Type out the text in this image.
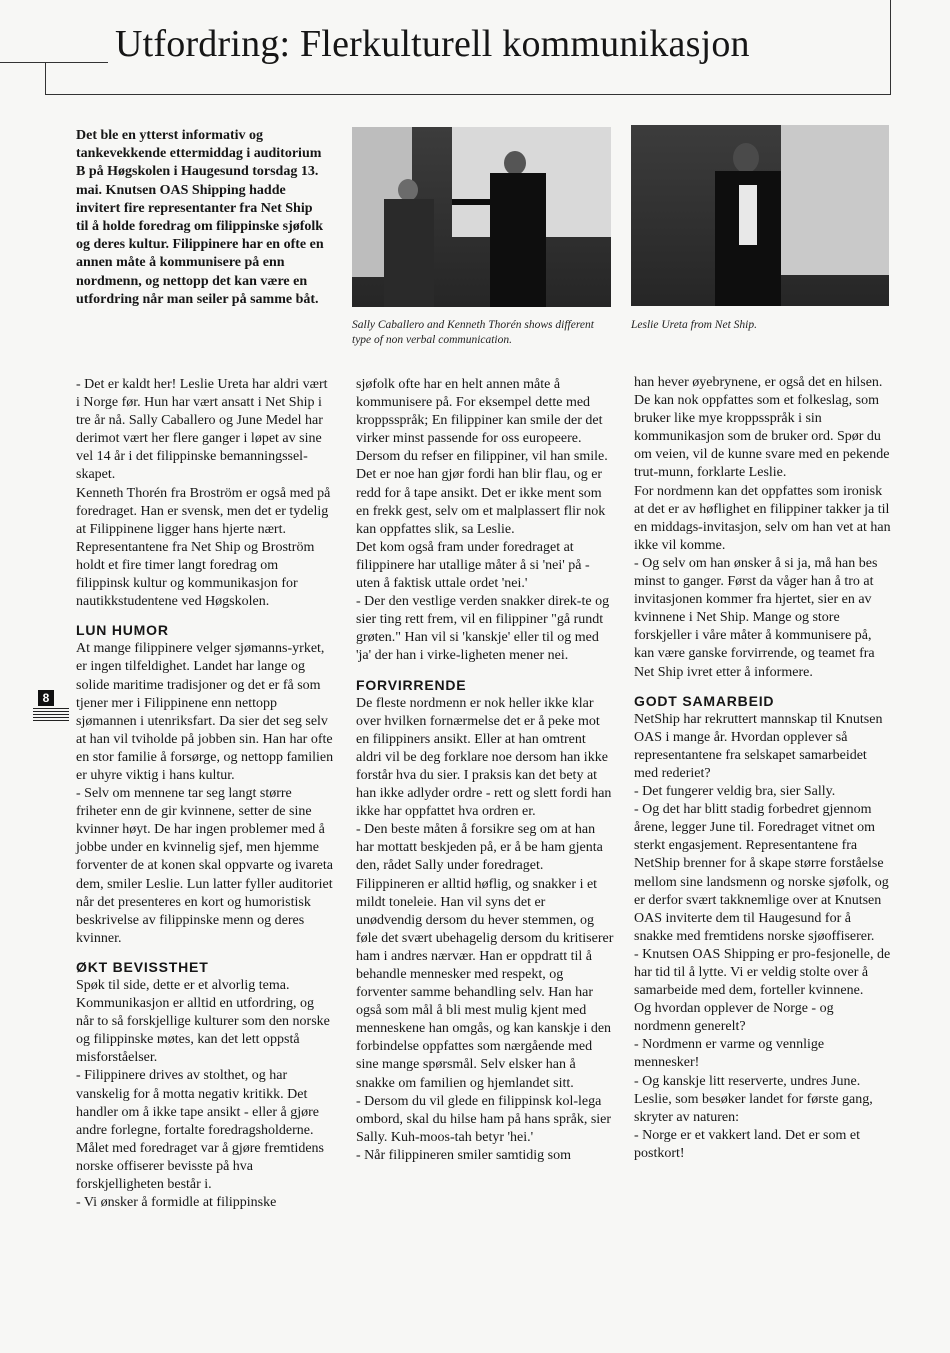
Utfordring: Flerkulturell kommunikasjon

Det ble en ytterst informativ og tankevekkende ettermiddag i auditorium B på Høgskolen i Haugesund torsdag 13. mai. Knutsen OAS Shipping hadde invitert fire representanter fra Net Ship til å holde foredrag om filippinske sjøfolk og deres kultur. Filippinere har en ofte en annen måte å kommunisere på enn nordmenn, og nettopp det kan være en utfordring når man seiler på samme båt.

Sally Caballero and Kenneth Thorén shows different type of non verbal communication.

Leslie Ureta from Net Ship.

8

- Det er kaldt her! Leslie Ureta har aldri vært i Norge før. Hun har vært ansatt i Net Ship i tre år nå. Sally Caballero og June Medel har derimot vært her flere ganger i løpet av sine vel 14 år i det filippinske bemanningssel-skapet.

Kenneth Thorén fra Broström er også med på foredraget. Han er svensk, men det er tydelig at Filippinene ligger hans hjerte nært. Representantene fra Net Ship og Broström holdt et fire timer langt foredrag om filippinsk kultur og kommunikasjon for nautikkstudentene ved Høgskolen.

LUN HUMOR

At mange filippinere velger sjømanns-yrket, er ingen tilfeldighet. Landet har lange og solide maritime tradisjoner og det er få som tjener mer i Filippinene enn nettopp sjømannen i utenriksfart. Da sier det seg selv at han vil tviholde på jobben sin. Han har ofte en stor familie å forsørge, og nettopp familien er uhyre viktig i hans kultur.

- Selv om mennene tar seg langt større friheter enn de gir kvinnene, setter de sine kvinner høyt. De har ingen problemer med å jobbe under en kvinnelig sjef, men hjemme forventer de at konen skal oppvarte og ivareta dem, smiler Leslie. Lun latter fyller auditoriet når det presenteres en kort og humoristisk beskrivelse av filippinske menn og deres kvinner.

ØKT BEVISSTHET

Spøk til side, dette er et alvorlig tema. Kommunikasjon er alltid en utfordring, og når to så forskjellige kulturer som den norske og filippinske møtes, kan det lett oppstå misforståelser.

- Filippinere drives av stolthet, og har vanskelig for å motta negativ kritikk. Det handler om å ikke tape ansikt - eller å gjøre andre forlegne, fortalte foredragsholderne.

Målet med foredraget var å gjøre fremtidens norske offiserer bevisste på hva forskjelligheten består i.

- Vi ønsker å formidle at filippinske

sjøfolk ofte har en helt annen måte å kommunisere på. For eksempel dette med kroppsspråk; En filippiner kan smile der det virker minst passende for oss europeere.

Dersom du refser en filippiner, vil han smile. Det er noe han gjør fordi han blir flau, og er redd for å tape ansikt. Det er ikke ment som en frekk gest, selv om et malplassert flir nok kan oppfattes slik, sa Leslie.

Det kom også fram under foredraget at filippinere har utallige måter å si 'nei' på - uten å faktisk uttale ordet 'nei.'

- Der den vestlige verden snakker direk-te og sier ting rett frem, vil en filippiner "gå rundt grøten." Han vil si 'kanskje' eller til og med 'ja' der han i virke-ligheten mener nei.

FORVIRRENDE

De fleste nordmenn er nok heller ikke klar over hvilken fornærmelse det er å peke mot en filippiners ansikt. Eller at han omtrent aldri vil be deg forklare noe dersom han ikke forstår hva du sier. I praksis kan det bety at han ikke adlyder ordre - rett og slett fordi han ikke har oppfattet hva ordren er.

- Den beste måten å forsikre seg om at han har mottatt beskjeden på, er å be ham gjenta den, rådet Sally under foredraget.

Filippineren er alltid høflig, og snakker i et mildt toneleie. Han vil syns det er unødvendig dersom du hever stemmen, og føle det svært ubehagelig dersom du kritiserer ham i andres nærvær. Han er oppdratt til å behandle mennesker med respekt, og forventer samme behandling selv. Han har også som mål å bli mest mulig kjent med menneskene han omgås, og kan kanskje i den forbindelse oppfattes som nærgående med sine mange spørsmål. Selv elsker han å snakke om familien og hjemlandet sitt.

- Dersom du vil glede en filippinsk kol-lega ombord, skal du hilse ham på hans språk, sier Sally. Kuh-moos-tah betyr 'hei.'

- Når filippineren smiler samtidig som

han hever øyebrynene, er også det en hilsen. De kan nok oppfattes som et folkeslag, som bruker like mye kroppsspråk i sin kommunikasjon som de bruker ord. Spør du om veien, vil de kunne svare med en pekende trut-munn, forklarte Leslie.

For nordmenn kan det oppfattes som ironisk at det er av høflighet en filippiner takker ja til en middags-invitasjon, selv om han vet at han ikke vil komme.

- Og selv om han ønsker å si ja, må han bes minst to ganger. Først da våger han å tro at invitasjonen kommer fra hjertet, sier en av kvinnene i Net Ship. Mange og store forskjeller i våre måter å kommunisere på, kan være ganske forvirrende, og teamet fra Net Ship ivret etter å informere.

GODT SAMARBEID

NetShip har rekruttert mannskap til Knutsen OAS i mange år. Hvordan opplever så representantene fra selskapet samarbeidet med rederiet?

- Det fungerer veldig bra, sier Sally.

- Og det har blitt stadig forbedret gjennom årene, legger June til. Foredraget vitnet om sterkt engasjement. Representantene fra NetShip brenner for å skape større forståelse mellom sine landsmenn og norske sjøfolk, og er derfor svært takknemlige over at Knutsen OAS inviterte dem til Haugesund for å snakke med fremtidens norske sjøoffiserer.

- Knutsen OAS Shipping er pro-fesjonelle, de har tid til å lytte. Vi er veldig stolte over å samarbeide med dem, forteller kvinnene.

Og hvordan opplever de Norge - og nordmenn generelt?

- Nordmenn er varme og vennlige mennesker!

- Og kanskje litt reserverte, undres June. Leslie, som besøker landet for første gang, skryter av naturen:

- Norge er et vakkert land. Det er som et postkort!
